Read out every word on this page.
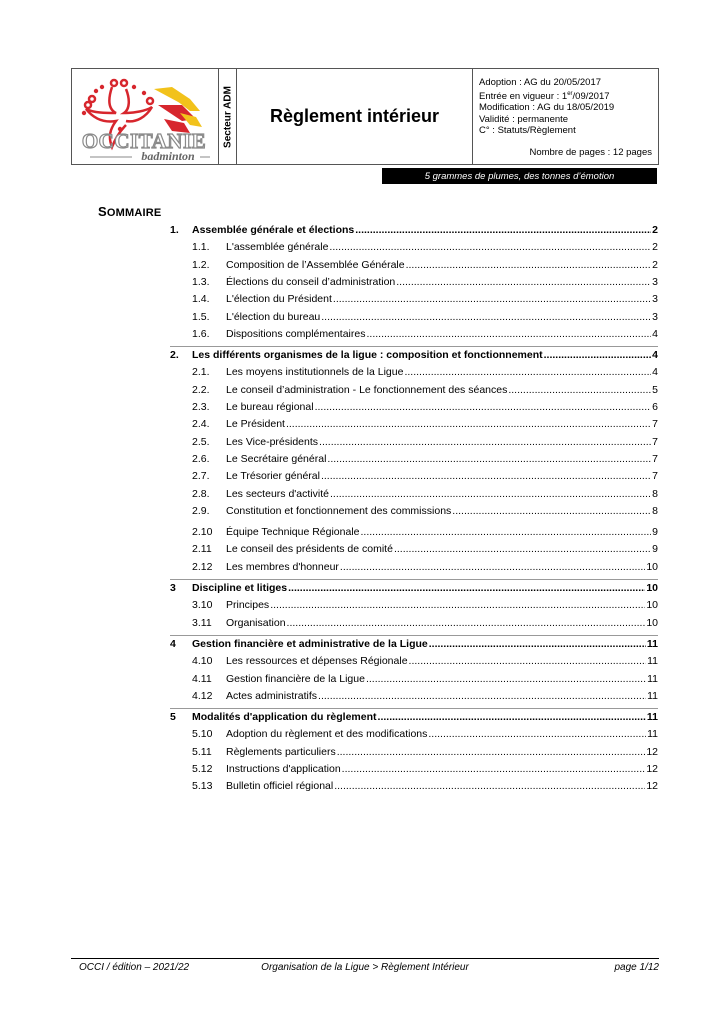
OCCITANIE
badminton
Secteur ADM Règlement intérieur
Adoption : AG du 20/05/2017
Entrée en vigueur : 1er/09/2017
Modification : AG du 18/05/2019
Validité : permanente
C° : Statuts/Règlement
Nombre de pages : 12 pages
5 grammes de plumes, des tonnes d’émotion
SOMMAIRE
1. Assemblée générale et élections .....	2
1.1. L'assemblée générale .....	2
1.2. Composition de l’Assemblée Générale .....	2
1.3. Élections du conseil d’administration .....	3
1.4. L'élection du Président .....	3
1.5. L'élection du bureau .....	3
1.6. Dispositions complémentaires .....	4
2. Les différents organismes de la ligue : composition et fonctionnement .....	4
2.1. Les moyens institutionnels de la Ligue .....	4
2.2. Le conseil d’administration - Le fonctionnement des séances .....	5
2.3. Le bureau régional .....	6
2.4. Le Président .....	7
2.5. Les Vice-présidents .....	7
2.6. Le Secrétaire général .....	7
2.7. Le Trésorier général .....	7
2.8. Les secteurs d'activité .....	8
2.9. Constitution et fonctionnement des commissions .....	8
2.10 Équipe Technique Régionale .....	9
2.11 Le conseil des présidents de comité .....	9
2.12 Les membres d'honneur .....	10
3 Discipline et litiges .....	10
3.10 Principes .....	10
3.11 Organisation .....	10
4 Gestion financière et administrative de la Ligue .....	11
4.10 Les ressources et dépenses Régionale .....	11
4.11 Gestion financière de la Ligue .....	11
4.12 Actes administratifs .....	11
5 Modalités d'application du règlement .....	11
5.10 Adoption du règlement et des modifications .....	11
5.11 Règlements particuliers .....	12
5.12 Instructions d'application .....	12
5.13 Bulletin officiel régional .....	12
OCCI / édition – 2021/22	Organisation de la Ligue > Règlement Intérieur	page 1/12
